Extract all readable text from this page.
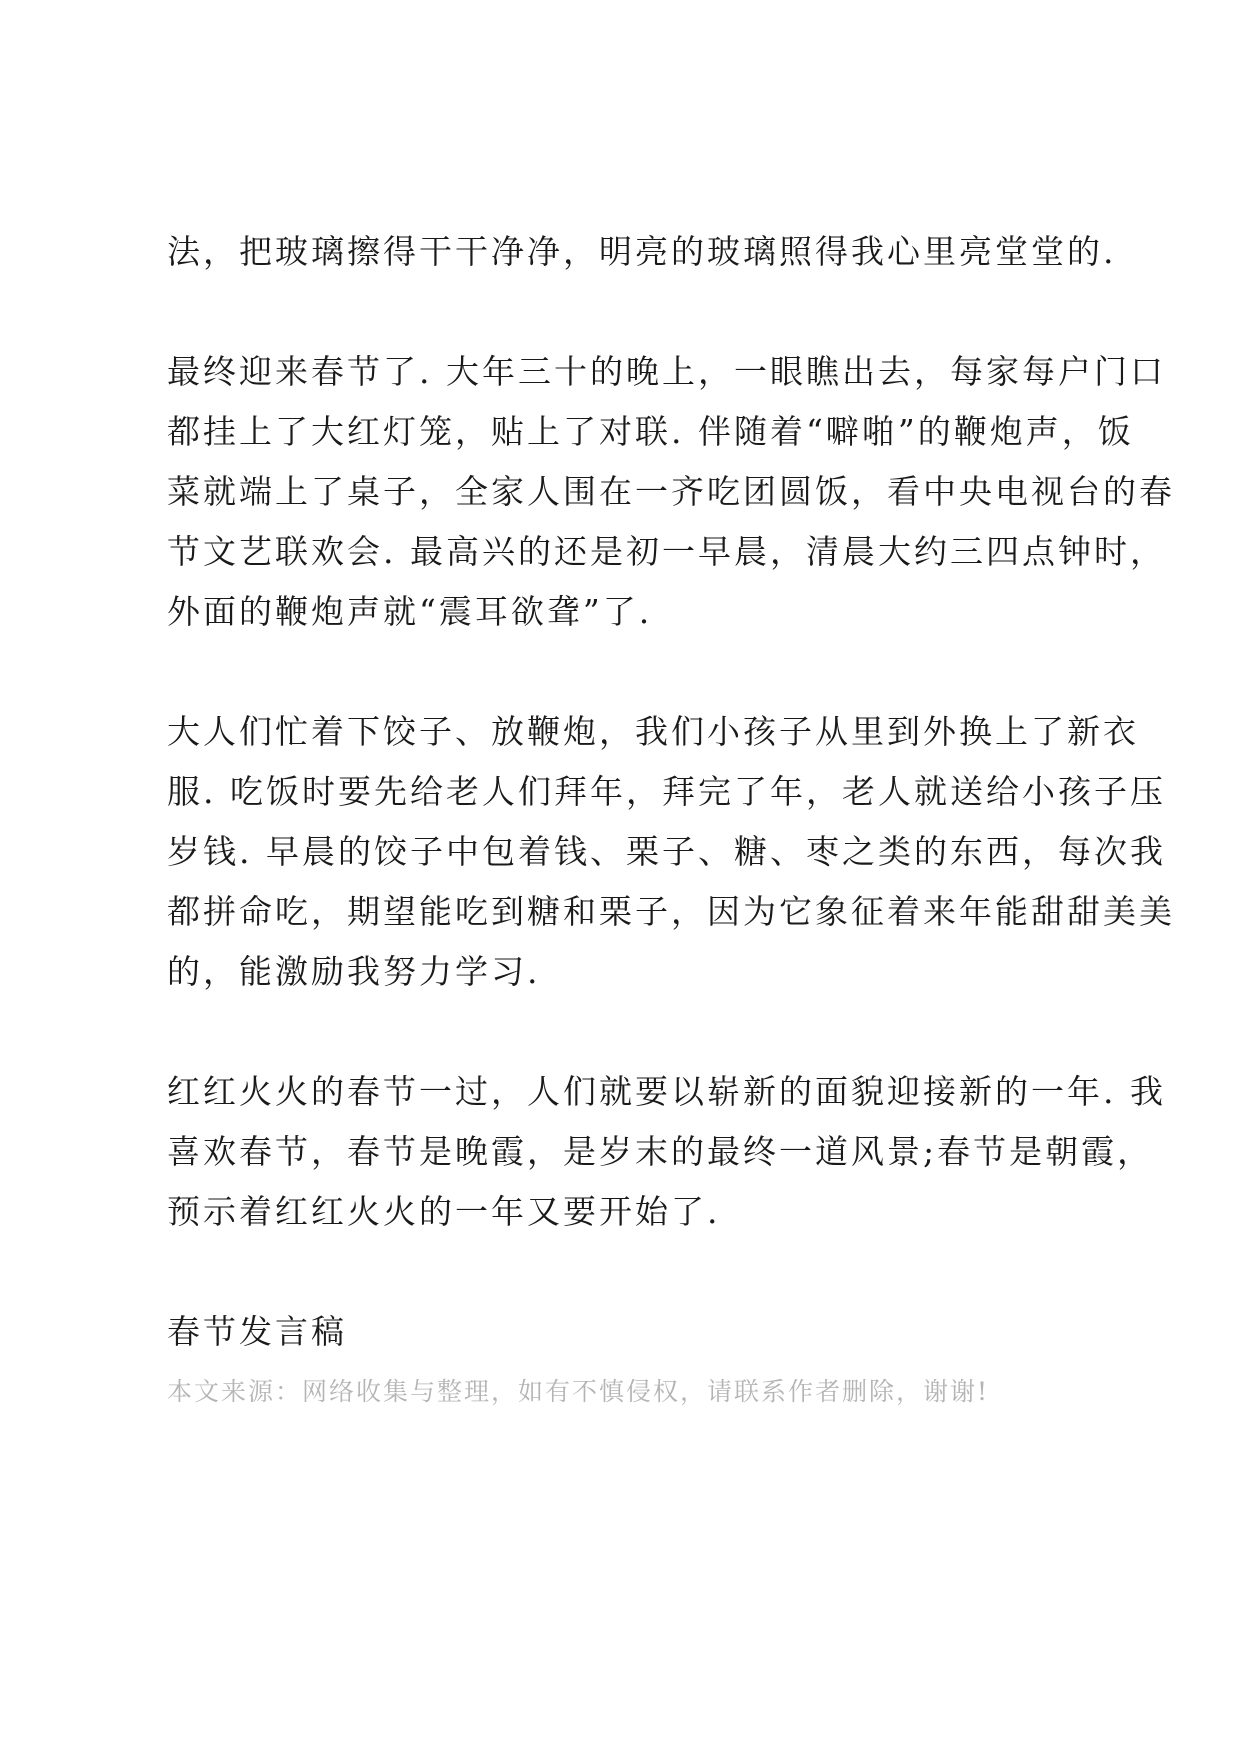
法，把玻璃擦得干干净净，明亮的玻璃照得我心里亮堂堂的.

最终迎来春节了. 大年三十的晚上，一眼瞧出去，每家每户门口
都挂上了大红灯笼，贴上了对联. 伴随着“噼啪”的鞭炮声，饭
菜就端上了桌子，全家人围在一齐吃团圆饭，看中央电视台的春
节文艺联欢会. 最高兴的还是初一早晨，清晨大约三四点钟时，
外面的鞭炮声就“震耳欲聋”了.

大人们忙着下饺子、放鞭炮，我们小孩子从里到外换上了新衣
服. 吃饭时要先给老人们拜年，拜完了年，老人就送给小孩子压
岁钱. 早晨的饺子中包着钱、栗子、糖、枣之类的东西，每次我
都拼命吃，期望能吃到糖和栗子，因为它象征着来年能甜甜美美
的，能激励我努力学习.

红红火火的春节一过，人们就要以崭新的面貌迎接新的一年. 我
喜欢春节，春节是晚霞，是岁末的最终一道风景;春节是朝霞，
预示着红红火火的一年又要开始了.

春节发言稿

本文来源：网络收集与整理，如有不慎侵权，请联系作者删除，谢谢!
